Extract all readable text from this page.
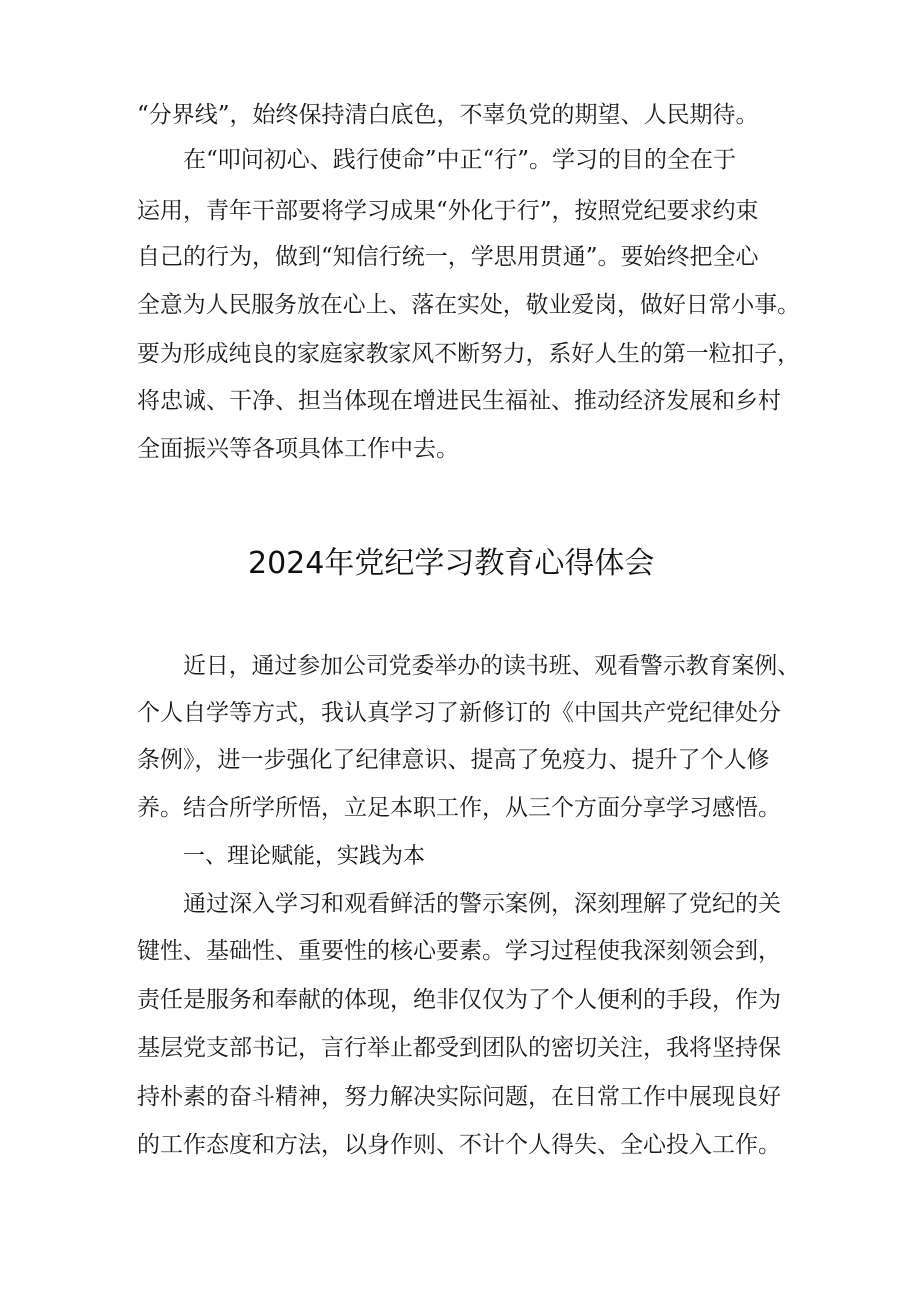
“分界线”，始终保持清白底色，不辜负党的期望、人民期待。
在“叩问初心、践行使命”中正“行”。学习的目的全在于
运用，青年干部要将学习成果“外化于行”，按照党纪要求约束
自己的行为，做到“知信行统一，学思用贯通”。要始终把全心
全意为人民服务放在心上、落在实处，敬业爱岗，做好日常小事。
要为形成纯良的家庭家教家风不断努力，系好人生的第一粒扣子，
将忠诚、干净、担当体现在增进民生福祉、推动经济发展和乡村
全面振兴等各项具体工作中去。
2024年党纪学习教育心得体会
近日，通过参加公司党委举办的读书班、观看警示教育案例、
个人自学等方式，我认真学习了新修订的《中国共产党纪律处分
条例》，进一步强化了纪律意识、提高了免疫力、提升了个人修
养。结合所学所悟，立足本职工作，从三个方面分享学习感悟。
一、理论赋能，实践为本
通过深入学习和观看鲜活的警示案例，深刻理解了党纪的关
键性、基础性、重要性的核心要素。学习过程使我深刻领会到，
责任是服务和奉献的体现，绝非仅仅为了个人便利的手段，作为
基层党支部书记，言行举止都受到团队的密切关注，我将坚持保
持朴素的奋斗精神，努力解决实际问题，在日常工作中展现良好
的工作态度和方法，以身作则、不计个人得失、全心投入工作。
